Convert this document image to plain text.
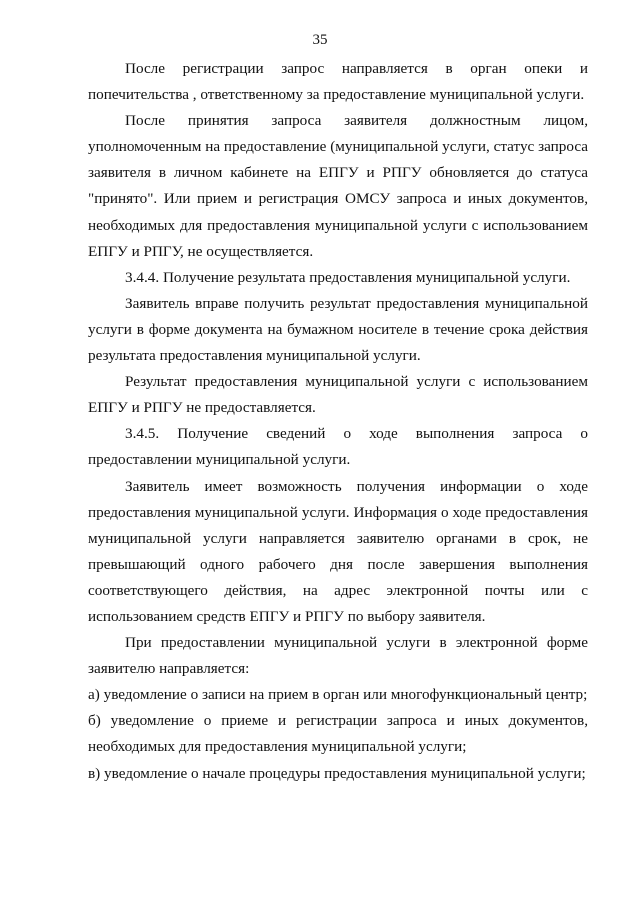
35

После регистрации запрос направляется в орган опеки и попечительства , ответственному за предоставление муниципальной услуги.

После принятия запроса заявителя должностным лицом, уполномоченным на предоставление (муниципальной услуги, статус запроса заявителя в личном кабинете на ЕПГУ и РПГУ обновляется до статуса "принято". Или прием и регистрация ОМСУ запроса и иных документов, необходимых для предоставления муниципальной услуги с использованием ЕПГУ и РПГУ, не осуществляется.

3.4.4. Получение результата предоставления муниципальной услуги.

Заявитель вправе получить результат предоставления муниципальной услуги в форме документа на бумажном носителе в течение срока действия результата предоставления муниципальной услуги.

Результат предоставления муниципальной услуги с использованием ЕПГУ и РПГУ не предоставляется.

3.4.5. Получение сведений о ходе выполнения запроса о предоставлении муниципальной услуги.

Заявитель имеет возможность получения информации о ходе предоставления муниципальной услуги. Информация о ходе предоставления муниципальной услуги направляется заявителю органами в срок, не превышающий одного рабочего дня после завершения выполнения соответствующего действия, на адрес электронной почты или с использованием средств ЕПГУ и РПГУ по выбору заявителя.

При предоставлении муниципальной услуги в электронной форме заявителю направляется:

а) уведомление о записи на прием в орган или многофункциональный центр;

б) уведомление о приеме и регистрации запроса и иных документов, необходимых для предоставления муниципальной услуги;

в) уведомление о начале процедуры предоставления муниципальной услуги;
